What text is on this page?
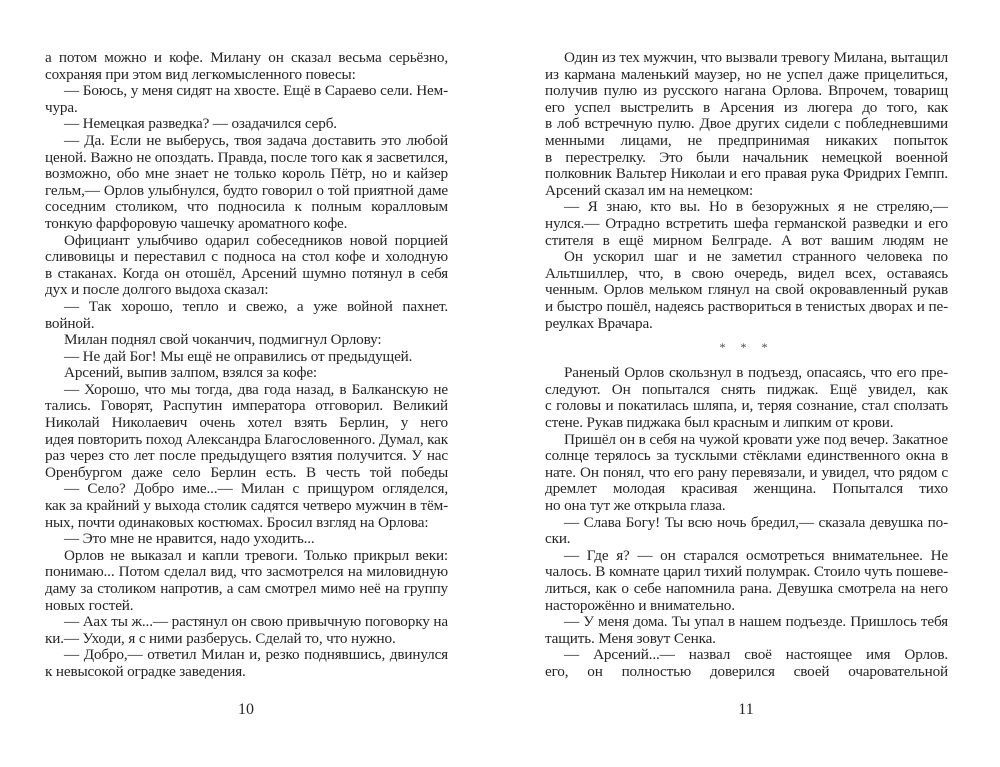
а потом можно и кофе. Милану он сказал весьма серьёзно,
сохраняя при этом вид легкомысленного повесы:
— Боюсь, у меня сидят на хвосте. Ещё в Сараево сели. Нем-
чура.
— Немецкая разведка? — озадачился серб.
— Да. Если не выберусь, твоя задача доставить это любой
ценой. Важно не опоздать. Правда, после того как я засветился,
возможно, обо мне знает не только король Пётр, но и кайзер
гельм,— Орлов улыбнулся, будто говорил о той приятной даме
соседним столиком, что подносила к полным коралловым
тонкую фарфоровую чашечку ароматного кофе.
Официант улыбчиво одарил собеседников новой порцией
сливовицы и переставил с подноса на стол кофе и холодную
в стаканах. Когда он отошёл, Арсений шумно потянул в себя
дух и после долгого выдоха сказал:
— Так хорошо, тепло и свежо, а уже войной пахнет.
войной.
Милан поднял свой чоканчич, подмигнул Орлову:
— Не дай Бог! Мы ещё не оправились от предыдущей.
Арсений, выпив залпом, взялся за кофе:
— Хорошо, что мы тогда, два года назад, в Балканскую не
тались. Говорят, Распутин императора отговорил. Великий
Николай Николаевич очень хотел взять Берлин, у него
идея повторить поход Александра Благословенного. Думал, как
раз через сто лет после предыдущего взятия получится. У нас
Оренбургом даже село Берлин есть. В честь той победы
— Село? Добро име...— Милан с прищуром огляделся,
как за крайний у выхода столик садятся четверо мужчин в тём-
ных, почти одинаковых костюмах. Бросил взгляд на Орлова:
— Это мне не нравится, надо уходить...
Орлов не выказал и капли тревоги. Только прикрыл веки:
понимаю... Потом сделал вид, что засмотрелся на миловидную
даму за столиком напротив, а сам смотрел мимо неё на группу
новых гостей.
— Аах ты ж...— растянул он свою привычную поговорку на
ки.— Уходи, я с ними разберусь. Сделай то, что нужно.
— Добро,— ответил Милан и, резко поднявшись, двинулся
к невысокой оградке заведения.
10
Один из тех мужчин, что вызвали тревогу Милана, вытащил
из кармана маленький маузер, но не успел даже прицелиться,
получив пулю из русского нагана Орлова. Впрочем, товарищ
его успел выстрелить в Арсения из люгера до того, как
в лоб встречную пулю. Двое других сидели с побледневшими
менными лицами, не предпринимая никаких попыток
в перестрелку. Это были начальник немецкой военной
полковник Вальтер Николаи и его правая рука Фридрих Гемпп.
Арсений сказал им на немецком:
— Я знаю, кто вы. Но в безоружных я не стреляю,—
нулся.— Отрадно встретить шефа германской разведки и его
стителя в ещё мирном Белграде. А вот вашим людям не
Он ускорил шаг и не заметил странного человека по
Альтшиллер, что, в свою очередь, видел всех, оставаясь
ченным. Орлов мельком глянул на свой окровавленный рукав
и быстро пошёл, надеясь раствориться в тенистых дворах и пе-
реулках Врачара.
* * *
Раненый Орлов скользнул в подъезд, опасаясь, что его пре-
следуют. Он попытался снять пиджак. Ещё увидел, как
с головы и покатилась шляпа, и, теряя сознание, стал сползать
стене. Рукав пиджака был красным и липким от крови.
Пришёл он в себя на чужой кровати уже под вечер. Закатное
солнце терялось за тусклыми стёклами единственного окна в
нате. Он понял, что его рану перевязали, и увидел, что рядом с
дремлет молодая красивая женщина. Попытался тихо
но она тут же открыла глаза.
— Слава Богу! Ты всю ночь бредил,— сказала девушка по-
ски.
— Где я? — он старался осмотреться внимательнее. Не
чалось. В комнате царил тихий полумрак. Стоило чуть пошеве-
литься, как о себе напомнила рана. Девушка смотрела на него
насторожённо и внимательно.
— У меня дома. Ты упал в нашем подъезде. Пришлось тебя
тащить. Меня зовут Сенка.
— Арсений...— назвал своё настоящее имя Орлов.
его, он полностью доверился своей очаровательной
11
